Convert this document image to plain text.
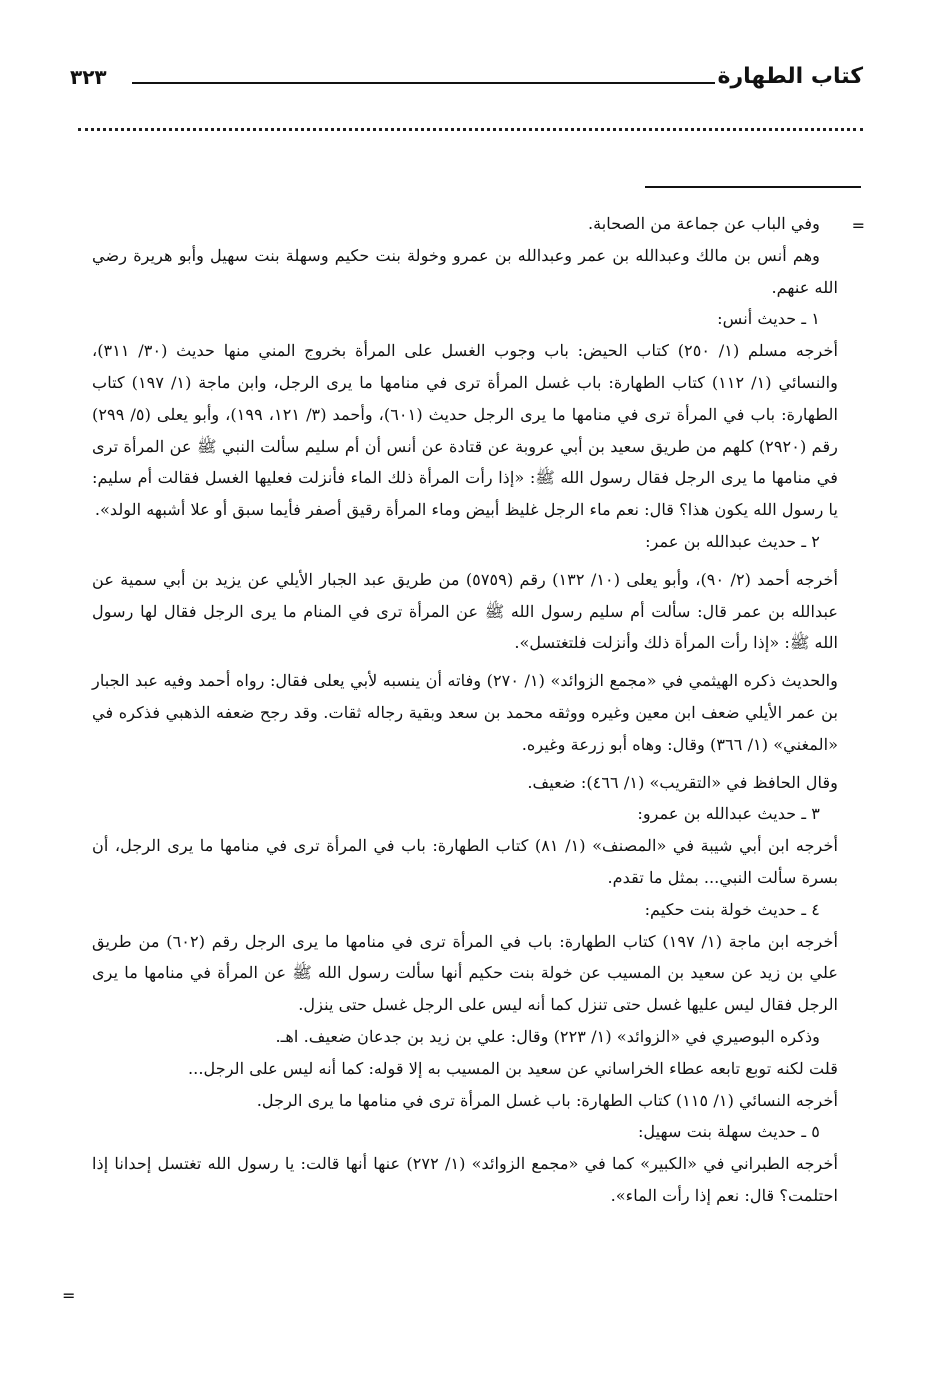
كتاب الطهارة
٣٢٣
=
=

وفي الباب عن جماعة من الصحابة.

وهم أنس بن مالك وعبدالله بن عمر وعبدالله بن عمرو وخولة بنت حكيم وسهلة بنت سهيل وأبو هريرة رضي الله عنهم.

١ ـ حديث أنس:

أخرجه مسلم (١/ ٢٥٠) كتاب الحيض: باب وجوب الغسل على المرأة بخروج المني منها حديث (٣٠/ ٣١١)، والنسائي (١/ ١١٢) كتاب الطهارة: باب غسل المرأة ترى في منامها ما يرى الرجل، وابن ماجة (١/ ١٩٧) كتاب الطهارة: باب في المرأة ترى في منامها ما يرى الرجل حديث (٦٠١)، وأحمد (٣/ ١٢١، ١٩٩)، وأبو يعلى (٥/ ٢٩٩) رقم (٢٩٢٠) كلهم من طريق سعيد بن أبي عروبة عن قتادة عن أنس أن أم سليم سألت النبي ﷺ عن المرأة ترى في منامها ما يرى الرجل فقال رسول الله ﷺ: «إذا رأت المرأة ذلك الماء فأنزلت فعليها الغسل فقالت أم سليم: يا رسول الله يكون هذا؟ قال: نعم ماء الرجل غليظ أبيض وماء المرأة رقيق أصفر فأيما سبق أو علا أشبهه الولد».

٢ ـ حديث عبدالله بن عمر:

أخرجه أحمد (٢/ ٩٠)، وأبو يعلى (١٠/ ١٣٢) رقم (٥٧٥٩) من طريق عبد الجبار الأيلي عن يزيد بن أبي سمية عن عبدالله بن عمر قال: سألت أم سليم رسول الله ﷺ عن المرأة ترى في المنام ما يرى الرجل فقال لها رسول الله ﷺ: «إذا رأت المرأة ذلك وأنزلت فلتغتسل».

والحديث ذكره الهيثمي في «مجمع الزوائد» (١/ ٢٧٠) وفاته أن ينسبه لأبي يعلى فقال: رواه أحمد وفيه عبد الجبار بن عمر الأيلي ضعف ابن معين وغيره ووثقه محمد بن سعد وبقية رجاله ثقات. وقد رجح ضعفه الذهبي فذكره في «المغني» (١/ ٣٦٦) وقال: وهاه أبو زرعة وغيره.

وقال الحافظ في «التقريب» (١/ ٤٦٦): ضعيف.

٣ ـ حديث عبدالله بن عمرو:

أخرجه ابن أبي شيبة في «المصنف» (١/ ٨١) كتاب الطهارة: باب في المرأة ترى في منامها ما يرى الرجل، أن بسرة سألت النبي... بمثل ما تقدم.

٤ ـ حديث خولة بنت حكيم:

أخرجه ابن ماجة (١/ ١٩٧) كتاب الطهارة: باب في المرأة ترى في منامها ما يرى الرجل رقم (٦٠٢) من طريق علي بن زيد عن سعيد بن المسيب عن خولة بنت حكيم أنها سألت رسول الله ﷺ عن المرأة في منامها ما يرى الرجل فقال ليس عليها غسل حتى تنزل كما أنه ليس على الرجل غسل حتى ينزل.

وذكره البوصيري في «الزوائد» (١/ ٢٢٣) وقال: علي بن زيد بن جدعان ضعيف. اهـ.

قلت لكنه توبع تابعه عطاء الخراساني عن سعيد بن المسيب به إلا قوله: كما أنه ليس على الرجل...

أخرجه النسائي (١/ ١١٥) كتاب الطهارة: باب غسل المرأة ترى في منامها ما يرى الرجل.

٥ ـ حديث سهلة بنت سهيل:

أخرجه الطبراني في «الكبير» كما في «مجمع الزوائد» (١/ ٢٧٢) عنها أنها قالت: يا رسول الله تغتسل إحدانا إذا احتلمت؟ قال: نعم إذا رأت الماء».
